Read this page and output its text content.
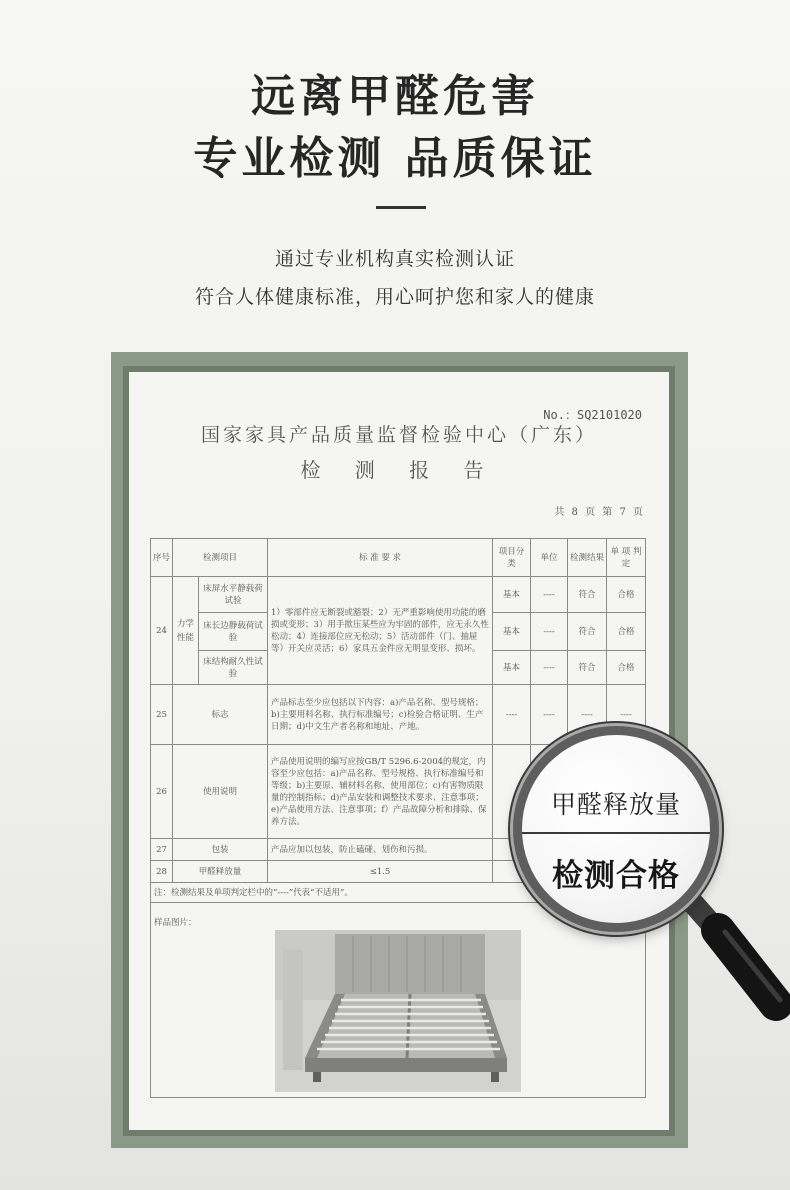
远离甲醛危害
专业检测 品质保证
通过专业机构真实检测认证
符合人体健康标准，用心呵护您和家人的健康
No.：SQ2101020
国家家具产品质量监督检验中心（广东）
检 测 报 告
共 8 页 第 7 页
序号	检测项目		标 准 要 求	项目分类	单位	检测结果	单 项 判 定
24	力学性能	床屏水平静载荷试验	1）零部件应无断裂或豁裂；2）无严重影响使用功能的磨损或变形；3）用手揿压某些应为牢固的部件，应无永久性松动；4）连接部位应无松动；5）活动部件（门、抽屉等）开关应灵活；6）家具五金件应无明显变形、损坏。	基本	----	符合	合格
		床长边静载荷试验		基本	----	符合	合格
		床结构耐久性试验		基本	----	符合	合格
25	标志		产品标志至少应包括以下内容：a)产品名称、型号规格；b)主要用料名称、执行标准编号；c)检验合格证明、生产日期；d)中文生产者名称和地址、产地。	----	----	----	----
26	使用说明		产品使用说明的编写应按GB/T 5296.6-2004的规定，内容至少应包括：a)产品名称、型号规格、执行标准编号和等级；b)主要原、辅材料名称、使用部位；c)有害物质限量的控制指标；d)产品安装和调整技术要求、注意事项；e)产品使用方法、注意事项；f）产品故障分析和排除、保养方法。				
27	包装		产品应加以包装，防止磕碰、划伤和污损。				
28	甲醛释放量		≤1.5				
注：检测结果及单项判定栏中的“----”代表“不适用”。							

样品图片：
甲醛释放量
检测合格
